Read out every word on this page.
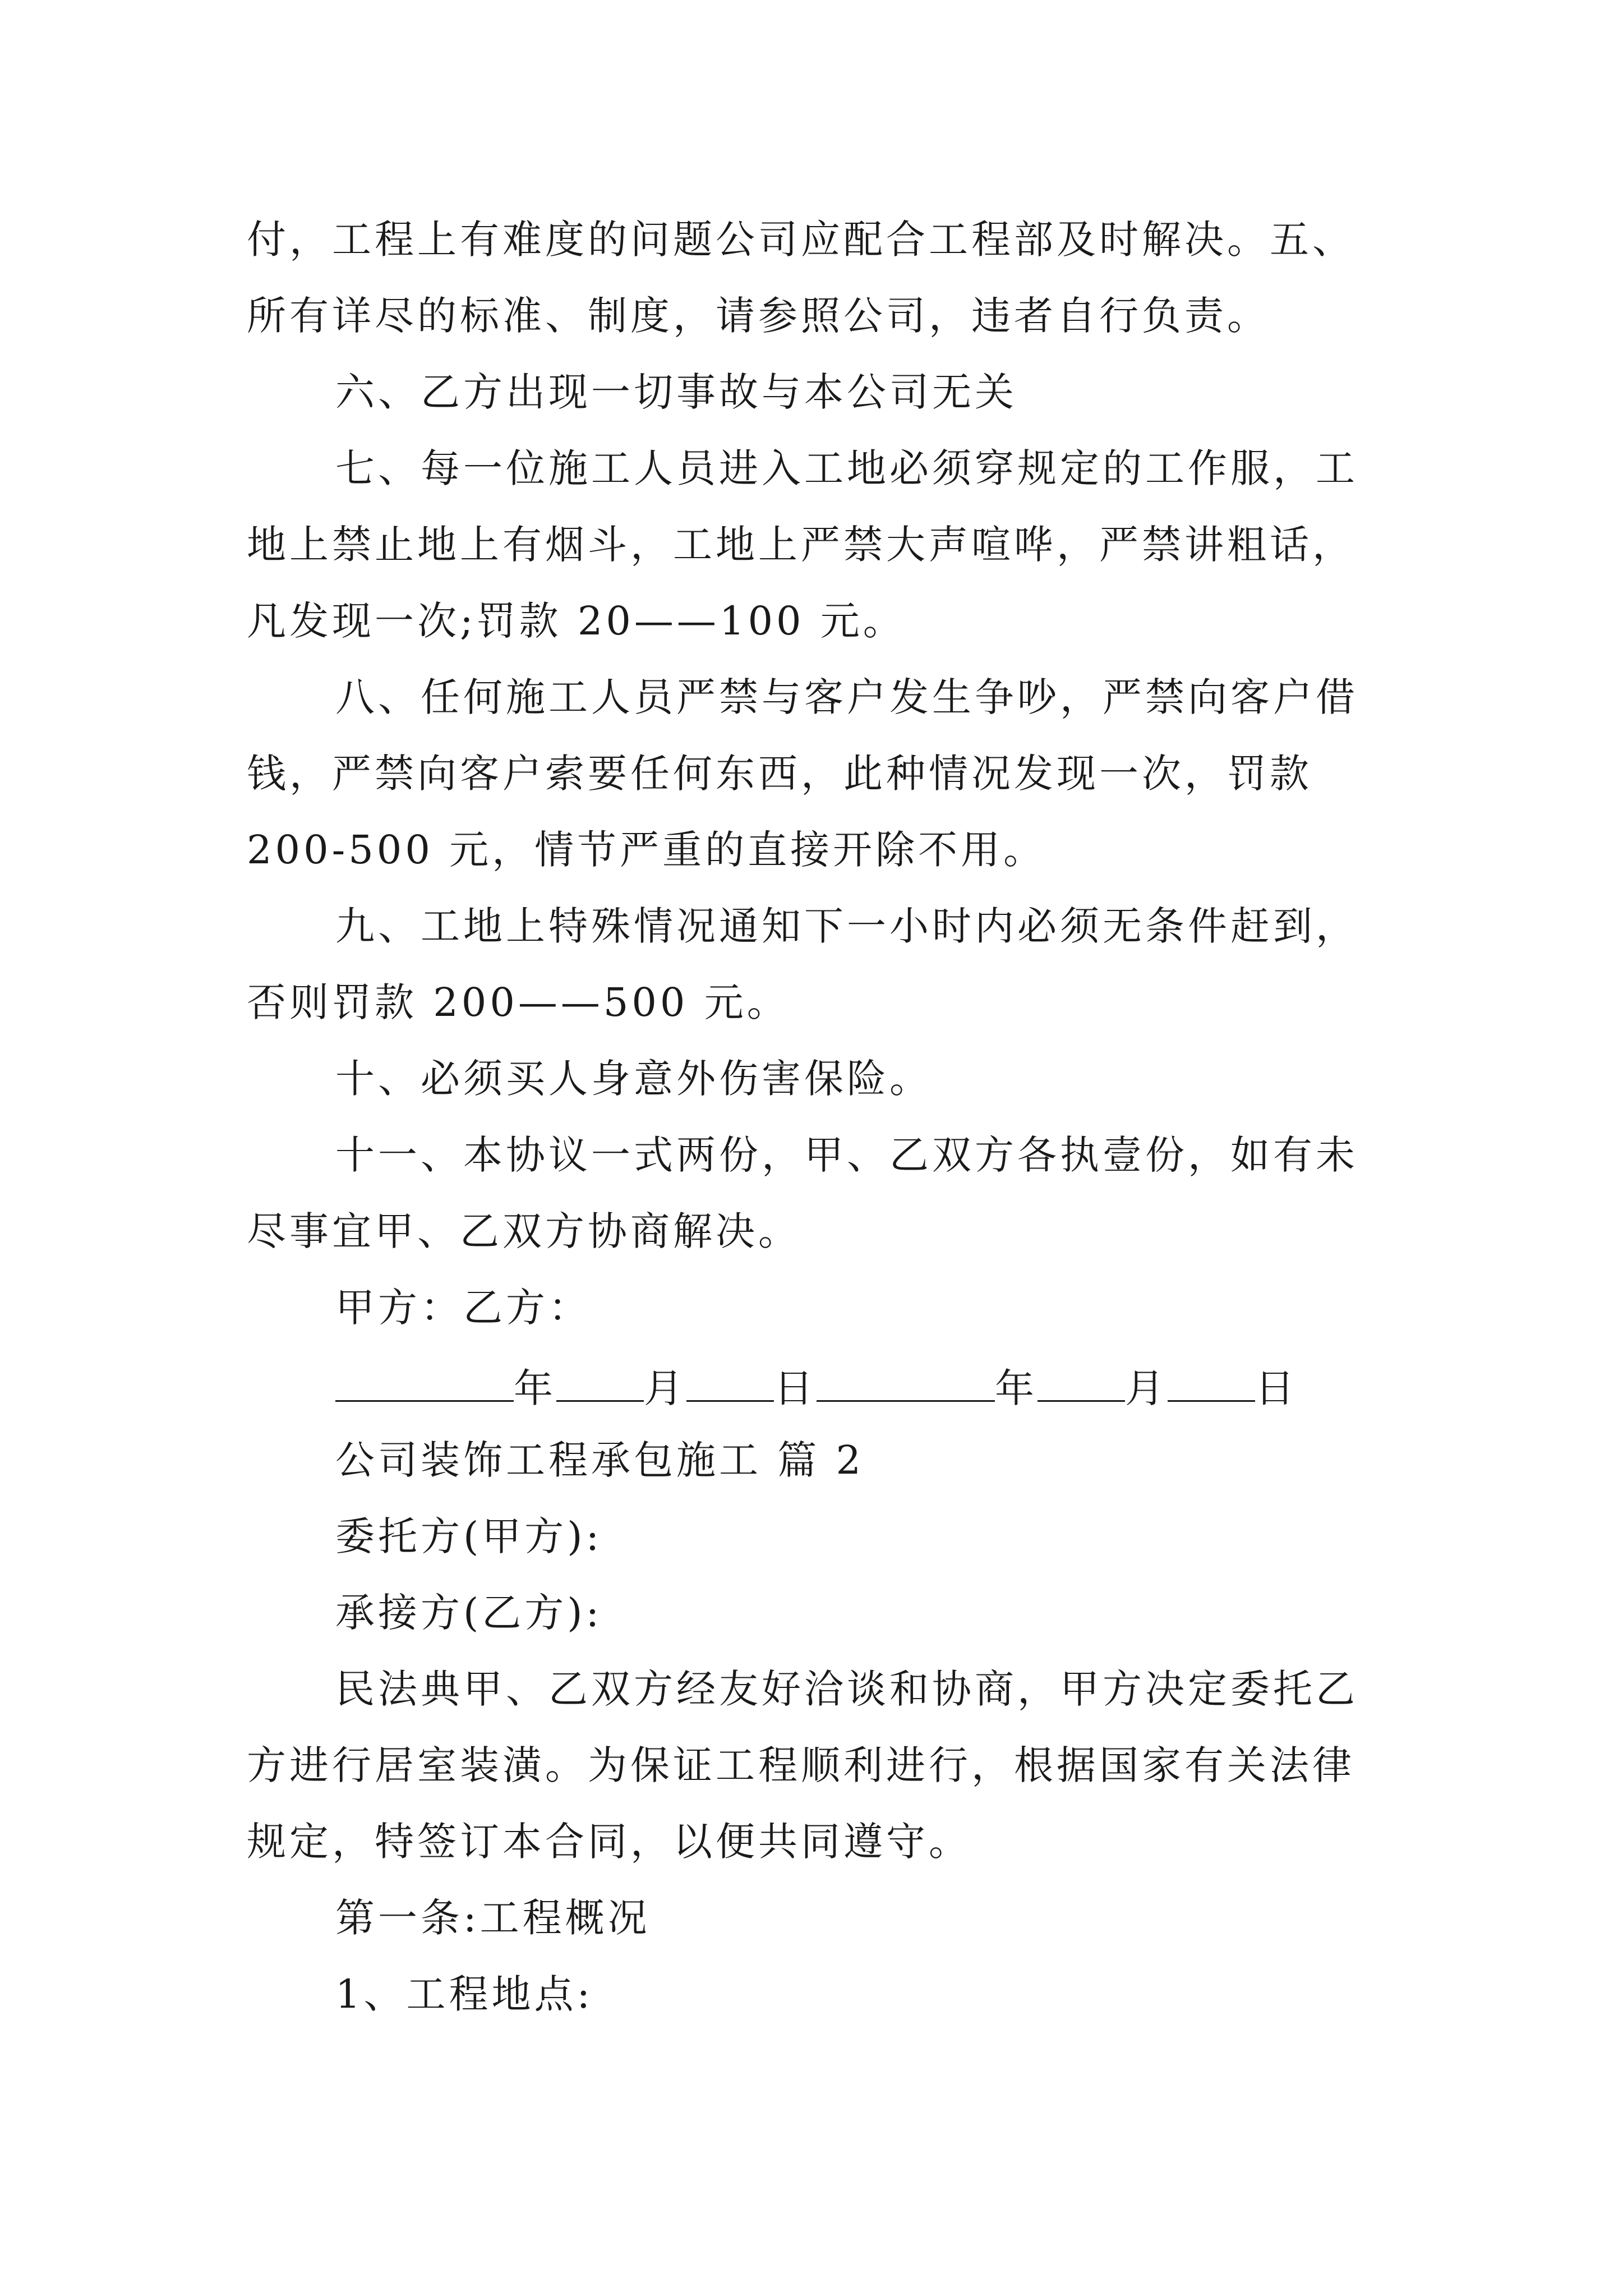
付，工程上有难度的问题公司应配合工程部及时解决。五、
所有详尽的标准、制度，请参照公司，违者自行负责。
六、乙方出现一切事故与本公司无关
七、每一位施工人员进入工地必须穿规定的工作服，工
地上禁止地上有烟斗，工地上严禁大声喧哗，严禁讲粗话，
凡发现一次;罚款 20——100 元。
八、任何施工人员严禁与客户发生争吵，严禁向客户借
钱，严禁向客户索要任何东西，此种情况发现一次，罚款
200-500 元，情节严重的直接开除不用。
九、工地上特殊情况通知下一小时内必须无条件赶到，
否则罚款 200——500 元。
十、必须买人身意外伤害保险。
十一、本协议一式两份，甲、乙双方各执壹份，如有未
尽事宜甲、乙双方协商解决。
甲方：乙方：
年 月 日	年 月 日
公司装饰工程承包施工 篇 2
委托方(甲方):
承接方(乙方):
民法典甲、乙双方经友好洽谈和协商，甲方决定委托乙
方进行居室装潢。为保证工程顺利进行，根据国家有关法律
规定，特签订本合同，以便共同遵守。
第一条:工程概况
1、工程地点:
